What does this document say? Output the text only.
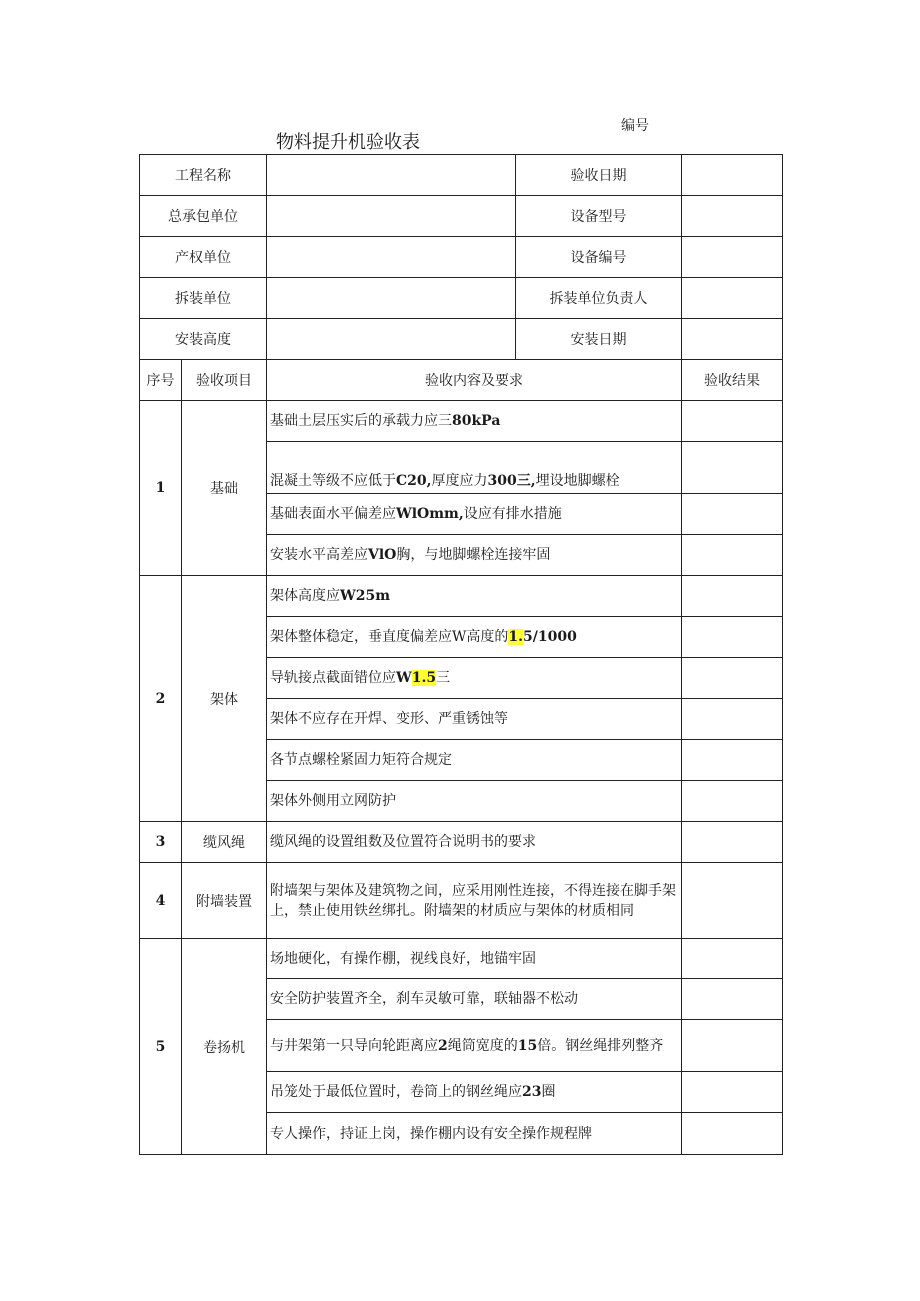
物料提升机验收表
编号
工程名称			验收日期	
总承包单位			设备型号	
产权单位			设备编号	
拆装单位			拆装单位负责人	
安装高度			安装日期	
序号	验收项目	验收内容及要求		验收结果
1	基础	基础土层压实后的承载力应三80kPa		
		混凝土等级不应低于C20,厚度应力300三,埋设地脚螺栓		
		基础表面水平偏差应WlOmm,设应有排水措施		
		安装水平高差应VlO胸，与地脚螺栓连接牢固		
2	架体	架体高度应W25m		
		架体整体稳定，垂直度偏差应W高度的1.5/1000		
		导轨接点截面错位应W1.5三		
		架体不应存在开焊、变形、严重锈蚀等		
		各节点螺栓紧固力矩符合规定		
		架体外侧用立网防护		
3	缆风绳	缆风绳的设置组数及位置符合说明书的要求		
4	附墙装置	附墙架与架体及建筑物之间，应采用刚性连接，不得连接在脚手架上，禁止使用铁丝绑扎。附墙架的材质应与架体的材质相同		
5	卷扬机	场地硬化，有操作棚，视线良好，地锚牢固		
		安全防护装置齐全，刹车灵敏可靠，联轴器不松动		
		与井架第一只导向轮距离应2绳筒宽度的15倍。钢丝绳排列整齐		
		吊笼处于最低位置时，卷筒上的钢丝绳应23圈		
		专人操作，持证上岗，操作棚内设有安全操作规程牌		
